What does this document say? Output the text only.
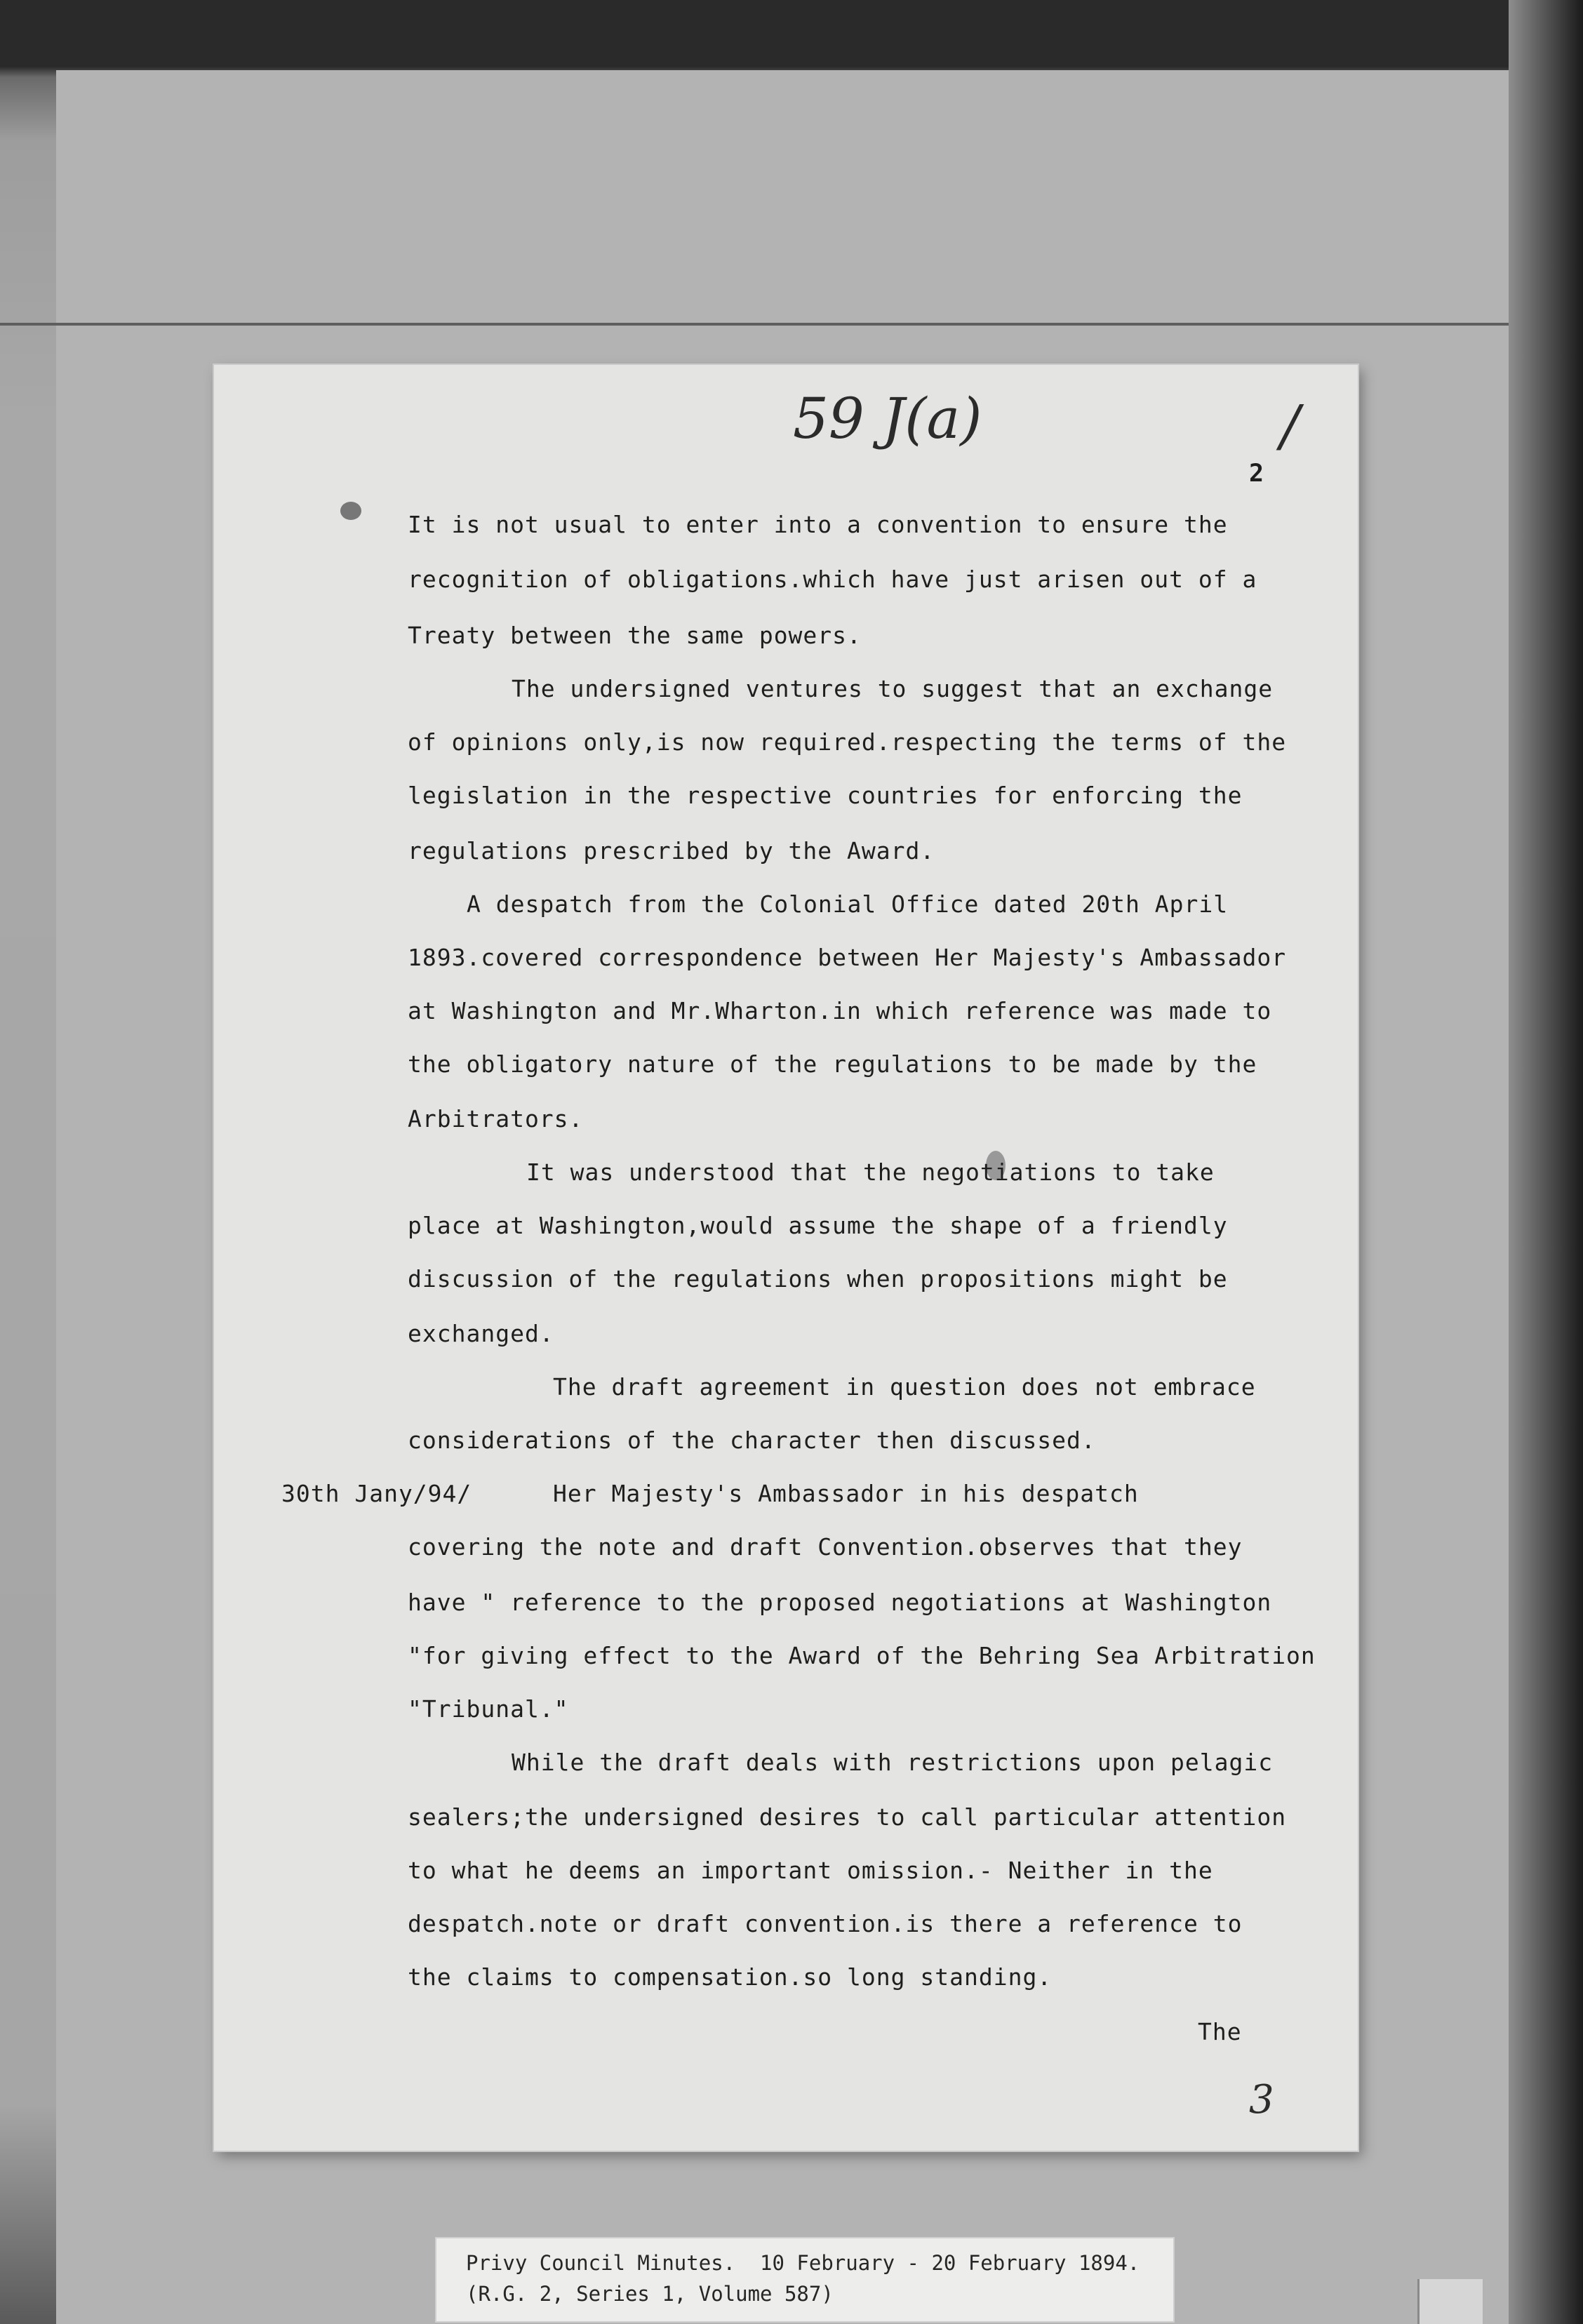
59 J(a)	/
2
It is not usual to enter into a convention to ensure the
recognition of obligations.which have just arisen out of a
Treaty between the same powers.
The undersigned ventures to suggest that an exchange
of opinions only,is now required.respecting the terms of the
legislation in the respective countries for enforcing the
regulations prescribed by the Award.
A despatch from the Colonial Office dated 20th April
1893.covered correspondence between Her Majesty's Ambassador
at Washington and Mr.Wharton.in which reference was made to
the obligatory nature of the regulations to be made by the
Arbitrators.
It was understood that the negotiations to take
place at Washington,would assume the shape of a friendly
discussion of the regulations when propositions might be
exchanged.
The draft agreement in question does not embrace
considerations of the character then discussed.
30th Jany/94/	Her Majesty's Ambassador in his despatch
covering the note and draft Convention.observes that they
have " reference to the proposed negotiations at Washington
"for giving effect to the Award of the Behring Sea Arbitration
"Tribunal."
While the draft deals with restrictions upon pelagic
sealers;the undersigned desires to call particular attention
to what he deems an important omission.- Neither in the
despatch.note or draft convention.is there a reference to
the claims to compensation.so long standing.
The
3
Privy Council Minutes.  10 February - 20 February 1894.
(R.G. 2, Series 1, Volume 587)
